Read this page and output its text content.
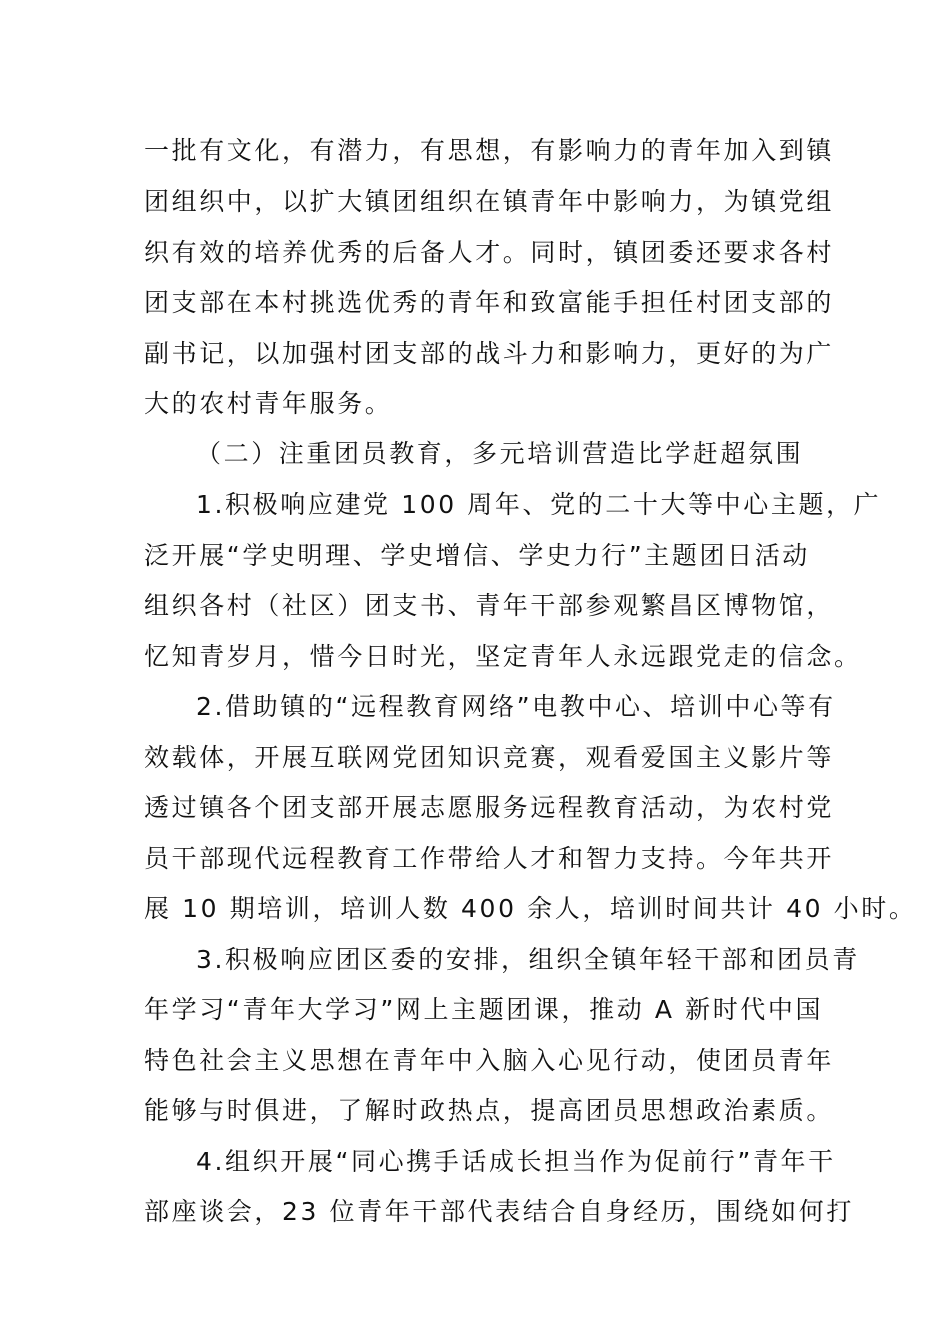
一批有文化，有潜力，有思想，有影响力的青年加入到镇
团组织中，以扩大镇团组织在镇青年中影响力，为镇党组
织有效的培养优秀的后备人才。同时，镇团委还要求各村
团支部在本村挑选优秀的青年和致富能手担任村团支部的
副书记，以加强村团支部的战斗力和影响力，更好的为广
大的农村青年服务。
（二）注重团员教育，多元培训营造比学赶超氛围
1.积极响应建党 100 周年、党的二十大等中心主题，广
泛开展“学史明理、学史增信、学史力行”主题团日活动
组织各村（社区）团支书、青年干部参观繁昌区博物馆，
忆知青岁月，惜今日时光，坚定青年人永远跟党走的信念。
2.借助镇的“远程教育网络”电教中心、培训中心等有
效载体，开展互联网党团知识竞赛，观看爱国主义影片等
透过镇各个团支部开展志愿服务远程教育活动，为农村党
员干部现代远程教育工作带给人才和智力支持。今年共开
展 10 期培训，培训人数 400 余人，培训时间共计 40 小时。
3.积极响应团区委的安排，组织全镇年轻干部和团员青
年学习“青年大学习”网上主题团课，推动 A 新时代中国
特色社会主义思想在青年中入脑入心见行动，使团员青年
能够与时俱进，了解时政热点，提高团员思想政治素质。
4.组织开展“同心携手话成长担当作为促前行”青年干
部座谈会，23 位青年干部代表结合自身经历，围绕如何打
